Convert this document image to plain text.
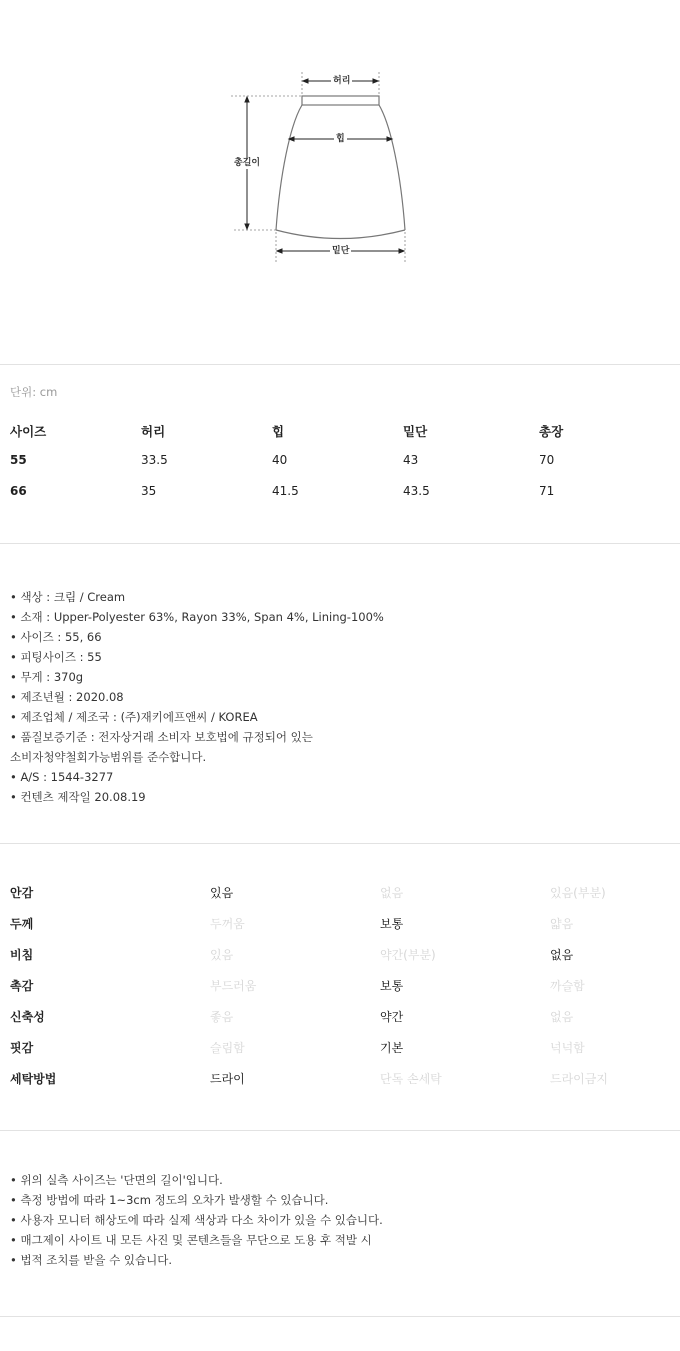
허리
힙
총길이
밑단
단위: cm
사이즈	허리	힙	밑단	총장
55	33.5	40	43	70
66	35	41.5	43.5	71
• 색상 : 크림 / Cream
• 소재 : Upper-Polyester 63%, Rayon 33%, Span 4%, Lining-100%
• 사이즈 : 55, 66
• 피팅사이즈 : 55
• 무게 : 370g
• 제조년월 : 2020.08
• 제조업체 / 제조국 : (주)재키에프앤씨 / KOREA
• 품질보증기준 : 전자상거래 소비자 보호법에 규정되어 있는
소비자청약철회가능범위를 준수합니다.
• A/S : 1544-3277
• 컨텐츠 제작일 20.08.19
안감	있음	없음	있음(부분)
두께	두꺼움	보통	얇음
비침	있음	약간(부분)	없음
촉감	부드러움	보통	까슬함
신축성	좋음	약간	없음
핏감	슬림함	기본	넉넉함
세탁방법	드라이	단독 손세탁	드라이금지
• 위의 실측 사이즈는 '단면의 길이'입니다.
• 측정 방법에 따라 1~3cm 정도의 오차가 발생할 수 있습니다.
• 사용자 모니터 해상도에 따라 실제 색상과 다소 차이가 있을 수 있습니다.
• 매그제이 사이트 내 모든 사진 및 콘텐츠들을 무단으로 도용 후 적발 시
• 법적 조치를 받을 수 있습니다.
